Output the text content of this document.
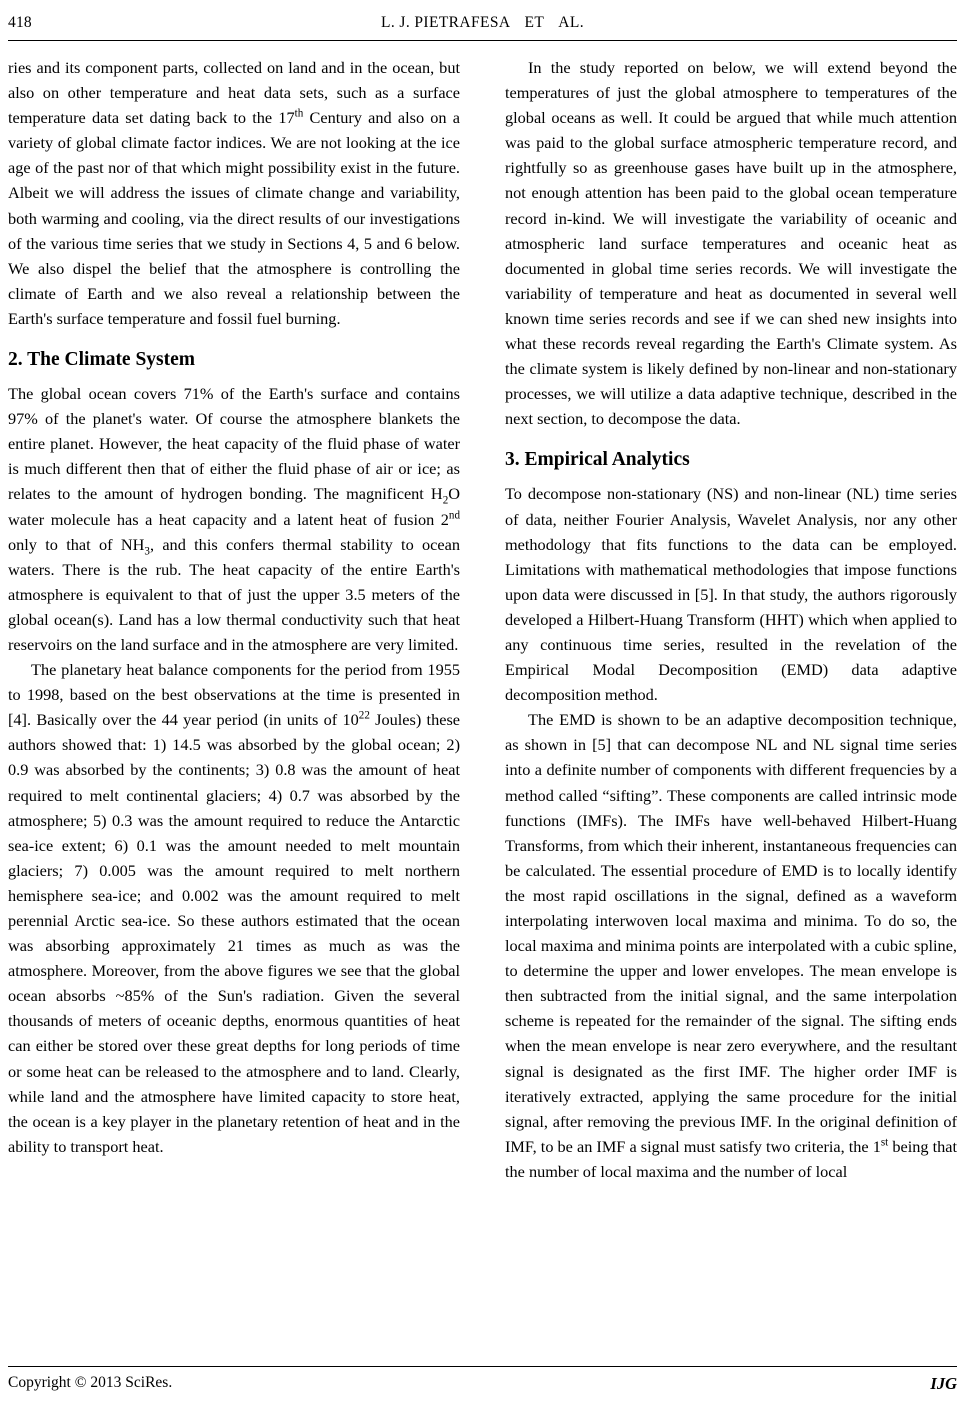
418	L. J. PIETRAFESA ET AL.

ries and its component parts, collected on land and in the ocean, but also on other temperature and heat data sets, such as a surface temperature data set dating back to the 17th Century and also on a variety of global climate factor indices. We are not looking at the ice age of the past nor of that which might possibility exist in the future. Albeit we will address the issues of climate change and variability, both warming and cooling, via the direct results of our investigations of the various time series that we study in Sections 4, 5 and 6 below. We also dispel the belief that the atmosphere is controlling the climate of Earth and we also reveal a relationship between the Earth's surface temperature and fossil fuel burning.

2. The Climate System

The global ocean covers 71% of the Earth's surface and contains 97% of the planet's water. Of course the atmosphere blankets the entire planet. However, the heat capacity of the fluid phase of water is much different then that of either the fluid phase of air or ice; as relates to the amount of hydrogen bonding. The magnificent $H_2O$ water molecule has a heat capacity and a latent heat of fusion 2nd only to that of $NH_3$, and this confers thermal stability to ocean waters. There is the rub. The heat capacity of the entire Earth's atmosphere is equivalent to that of just the upper 3.5 meters of the global ocean(s). Land has a low thermal conductivity such that heat reservoirs on the land surface and in the atmosphere are very limited.

The planetary heat balance components for the period from 1955 to 1998, based on the best observations at the time is presented in [4]. Basically over the 44 year period (in units of $10^{22}$ Joules) these authors showed that: 1) 14.5 was absorbed by the global ocean; 2) 0.9 was absorbed by the continents; 3) 0.8 was the amount of heat required to melt continental glaciers; 4) 0.7 was absorbed by the atmosphere; 5) 0.3 was the amount required to reduce the Antarctic sea-ice extent; 6) 0.1 was the amount needed to melt mountain glaciers; 7) 0.005 was the amount required to melt northern hemisphere sea-ice; and 0.002 was the amount required to melt perennial Arctic sea-ice. So these authors estimated that the ocean was absorbing approximately 21 times as much as was the atmosphere. Moreover, from the above figures we see that the global ocean absorbs ~85% of the Sun's radiation. Given the several thousands of meters of oceanic depths, enormous quantities of heat can either be stored over these great depths for long periods of time or some heat can be released to the atmosphere and to land. Clearly, while land and the atmosphere have limited capacity to store heat, the ocean is a key player in the planetary retention of heat and in the ability to transport heat.

In the study reported on below, we will extend beyond the temperatures of just the global atmosphere to temperatures of the global oceans as well. It could be argued that while much attention was paid to the global surface atmospheric temperature record, and rightfully so as greenhouse gases have built up in the atmosphere, not enough attention has been paid to the global ocean temperature record in-kind. We will investigate the variability of oceanic and atmospheric land surface temperatures and oceanic heat as documented in global time series records. We will investigate the variability of temperature and heat as documented in several well known time series records and see if we can shed new insights into what these records reveal regarding the Earth's Climate system. As the climate system is likely defined by non-linear and non-stationary processes, we will utilize a data adaptive technique, described in the next section, to decompose the data.

3. Empirical Analytics

To decompose non-stationary (NS) and non-linear (NL) time series of data, neither Fourier Analysis, Wavelet Analysis, nor any other methodology that fits functions to the data can be employed. Limitations with mathematical methodologies that impose functions upon data were discussed in [5]. In that study, the authors rigorously developed a Hilbert-Huang Transform (HHT) which when applied to any continuous time series, resulted in the revelation of the Empirical Modal Decomposition (EMD) data adaptive decomposition method.

The EMD is shown to be an adaptive decomposition technique, as shown in [5] that can decompose NL and NL signal time series into a definite number of components with different frequencies by a method called “sifting”. These components are called intrinsic mode functions (IMFs). The IMFs have well-behaved Hilbert-Huang Transforms, from which their inherent, instantaneous frequencies can be calculated. The essential procedure of EMD is to locally identify the most rapid oscillations in the signal, defined as a waveform interpolating interwoven local maxima and minima. To do so, the local maxima and minima points are interpolated with a cubic spline, to determine the upper and lower envelopes. The mean envelope is then subtracted from the initial signal, and the same interpolation scheme is repeated for the remainder of the signal. The sifting ends when the mean envelope is near zero everywhere, and the resultant signal is designated as the first IMF. The higher order IMF is iteratively extracted, applying the same procedure for the initial signal, after removing the previous IMF. In the original definition of IMF, to be an IMF a signal must satisfy two criteria, the 1st being that the number of local maxima and the number of local

Copyright © 2013 SciRes.	IJG
